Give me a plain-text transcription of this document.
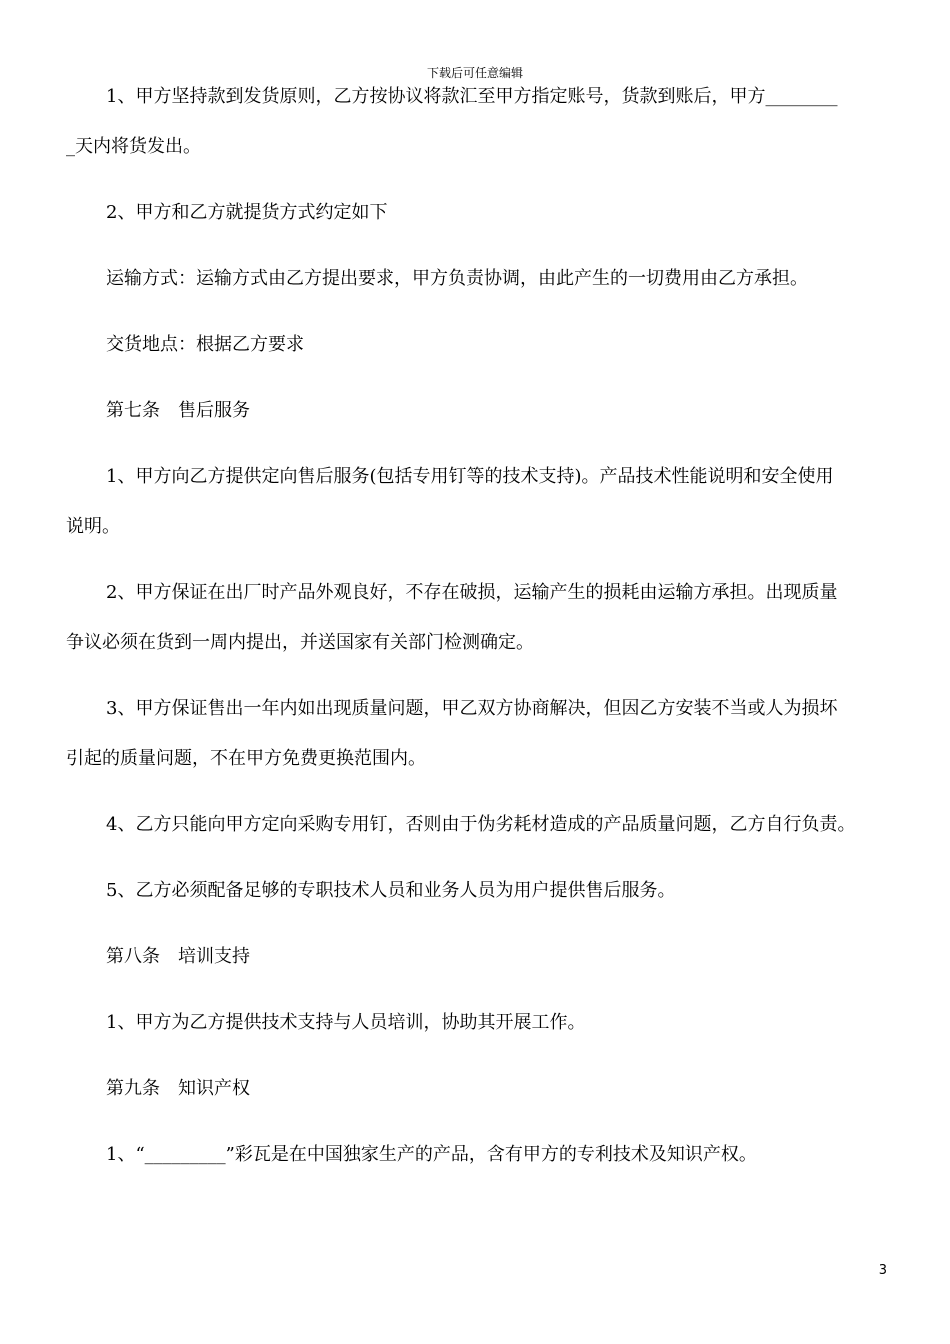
下载后可任意编辑
1、甲方坚持款到发货原则，乙方按协议将款汇至甲方指定账号，货款到账后，甲方________
_天内将货发出。
2、甲方和乙方就提货方式约定如下
运输方式：运输方式由乙方提出要求，甲方负责协调，由此产生的一切费用由乙方承担。
交货地点：根据乙方要求
第七条　售后服务
1、甲方向乙方提供定向售后服务(包括专用钉等的技术支持)。产品技术性能说明和安全使用
说明。
2、甲方保证在出厂时产品外观良好，不存在破损，运输产生的损耗由运输方承担。出现质量
争议必须在货到一周内提出，并送国家有关部门检测确定。
3、甲方保证售出一年内如出现质量问题，甲乙双方协商解决，但因乙方安装不当或人为损坏
引起的质量问题，不在甲方免费更换范围内。
4、乙方只能向甲方定向采购专用钉，否则由于伪劣耗材造成的产品质量问题，乙方自行负责。
5、乙方必须配备足够的专职技术人员和业务人员为用户提供售后服务。
第八条　培训支持
1、甲方为乙方提供技术支持与人员培训，协助其开展工作。
第九条　知识产权
1、“_________”彩瓦是在中国独家生产的产品，含有甲方的专利技术及知识产权。
3
